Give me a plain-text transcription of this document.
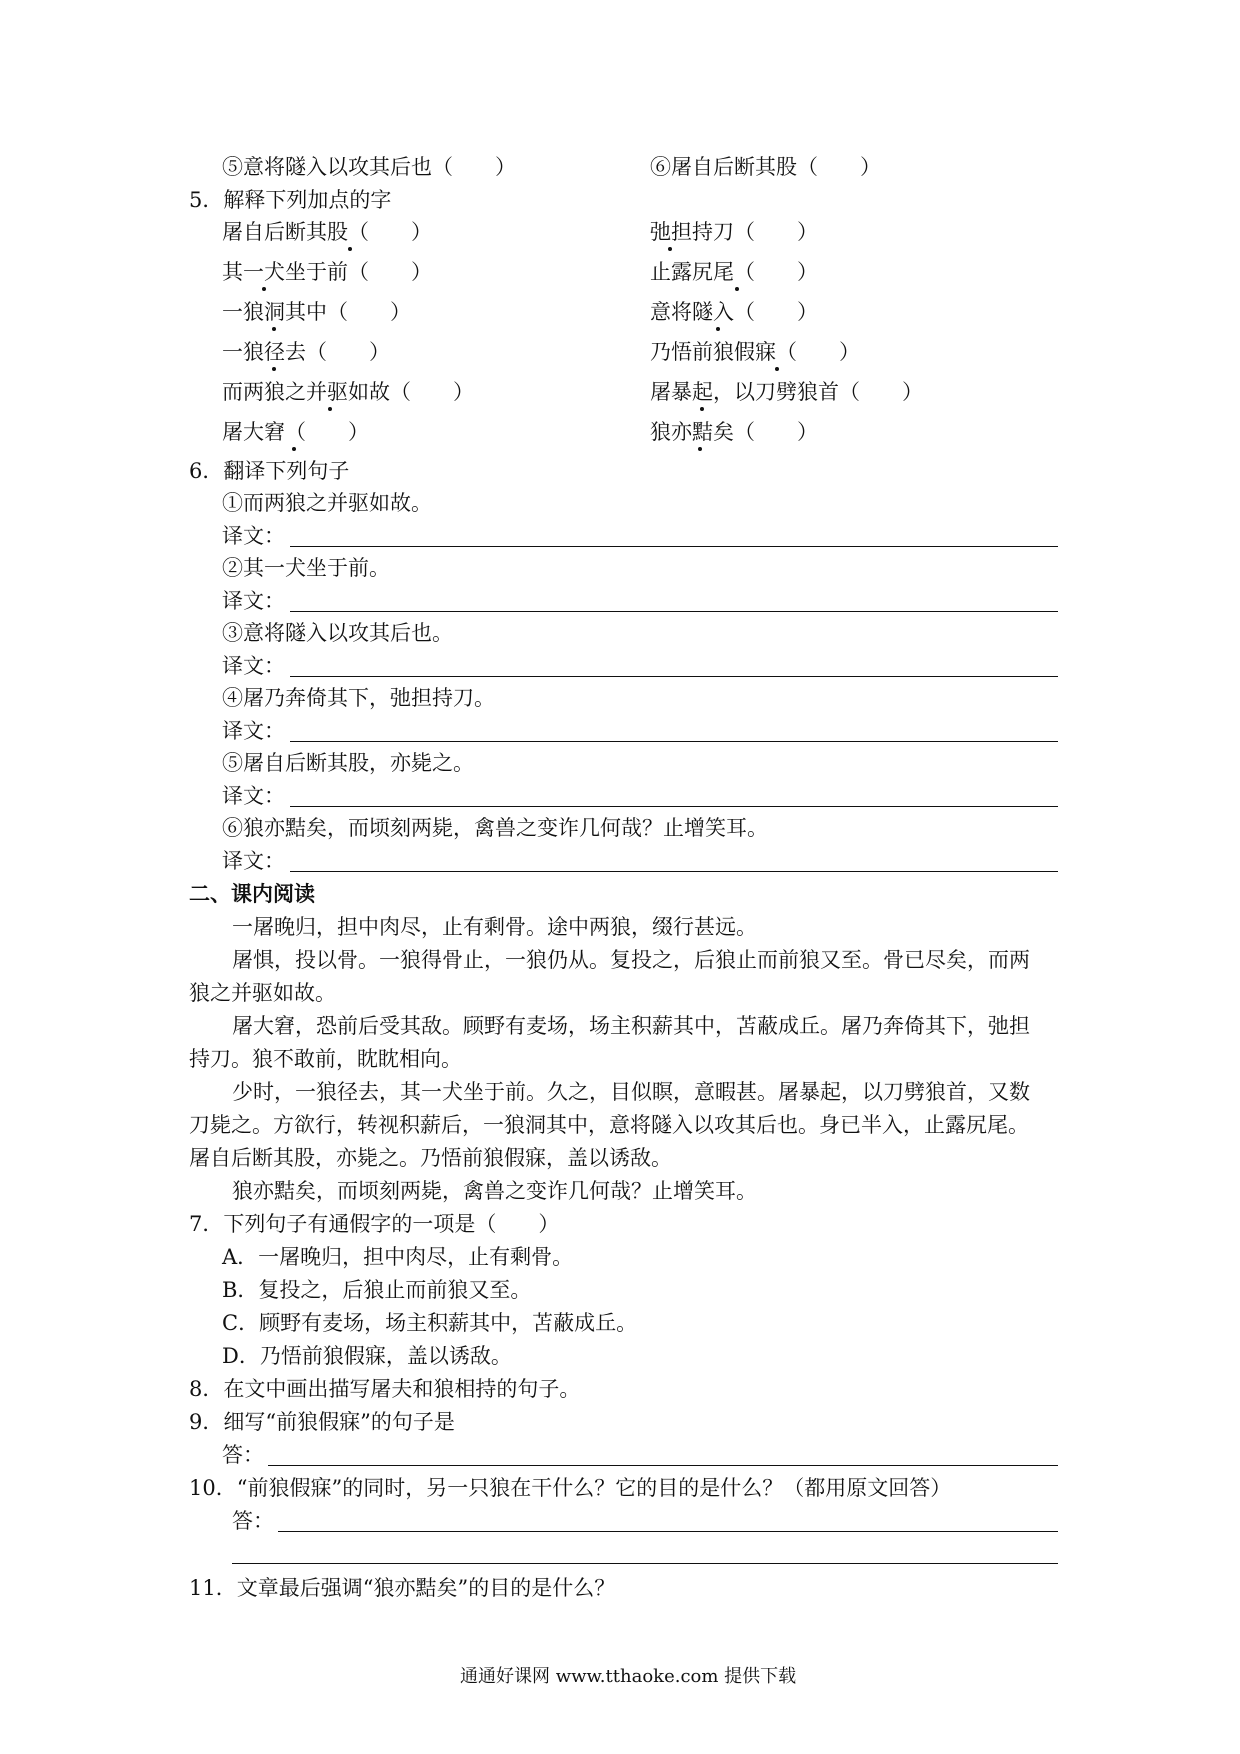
⑤意将隧入以攻其后也（　　）	⑥屠自后断其股（　　）
5．解释下列加点的字
屠自后断其股（　　）
其一犬坐于前（　　）
一狼洞其中（　　）
一狼径去（　　）
而两狼之并驱如故（　　）
屠大窘（　　）
弛担持刀（　　）
止露尻尾（　　）
意将隧入（　　）
乃悟前狼假寐（　　）
屠暴起，以刀劈狼首（　　）
狼亦黠矣（　　）
6．翻译下列句子
①而两狼之并驱如故。
译文：
②其一犬坐于前。
译文：
③意将隧入以攻其后也。
译文：
④屠乃奔倚其下，弛担持刀。
译文：
⑤屠自后断其股，亦毙之。
译文：
⑥狼亦黠矣，而顷刻两毙，禽兽之变诈几何哉？止增笑耳。
译文：
二、课内阅读
一屠晚归，担中肉尽，止有剩骨。途中两狼，缀行甚远。
屠惧，投以骨。一狼得骨止，一狼仍从。复投之，后狼止而前狼又至。骨已尽矣，而两
狼之并驱如故。
屠大窘，恐前后受其敌。顾野有麦场，场主积薪其中，苫蔽成丘。屠乃奔倚其下，弛担
持刀。狼不敢前，眈眈相向。
少时，一狼径去，其一犬坐于前。久之，目似瞑，意暇甚。屠暴起，以刀劈狼首，又数
刀毙之。方欲行，转视积薪后，一狼洞其中，意将隧入以攻其后也。身已半入，止露尻尾。
屠自后断其股，亦毙之。乃悟前狼假寐，盖以诱敌。
狼亦黠矣，而顷刻两毙，禽兽之变诈几何哉？止增笑耳。
7．下列句子有通假字的一项是（　　）
A．一屠晚归，担中肉尽，止有剩骨。
B．复投之，后狼止而前狼又至。
C．顾野有麦场，场主积薪其中，苫蔽成丘。
D．乃悟前狼假寐，盖以诱敌。
8．在文中画出描写屠夫和狼相持的句子。
9．细写“前狼假寐”的句子是
答：
10．“前狼假寐”的同时，另一只狼在干什么？它的目的是什么？（都用原文回答）
答：
11．文章最后强调“狼亦黠矣”的目的是什么？
通通好课网 www.tthaoke.com 提供下载
